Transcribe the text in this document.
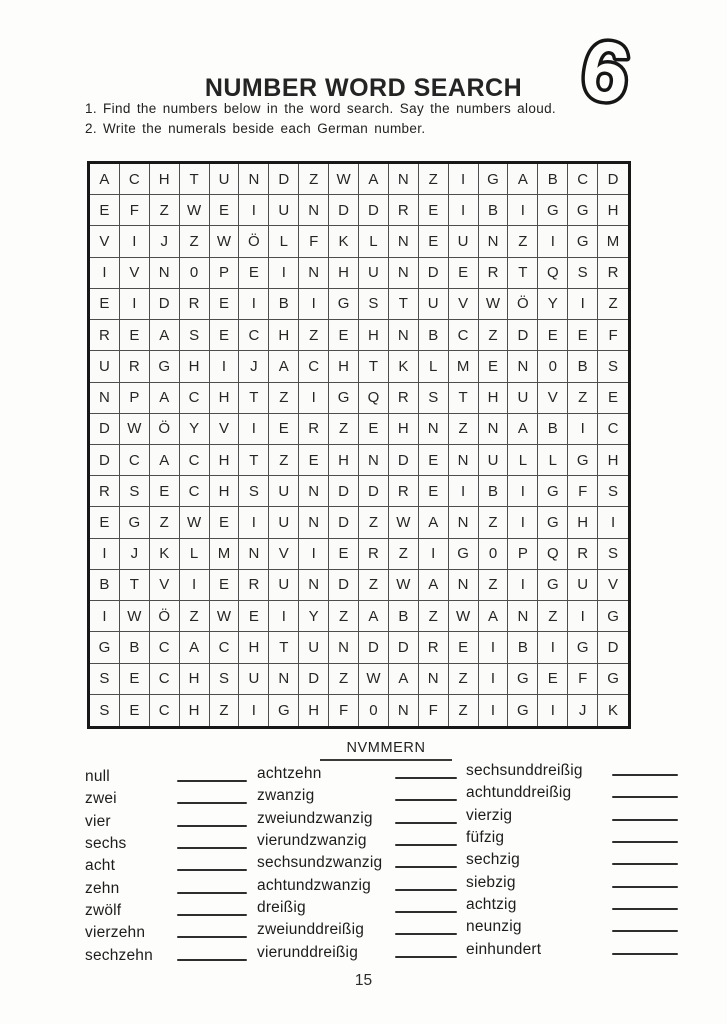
NUMBER WORD SEARCH 6
1. Find the numbers below in the word search. Say the numbers aloud.
2. Write the numerals beside each German number.
A	C	H	T	U	N	D	Z	W	A	N	Z	I	G	A	B	C	D
E	F	Z	W	E	I	U	N	D	D	R	E	I	B	I	G	G	H
V	I	J	Z	W	Ö	L	F	K	L	N	E	U	N	Z	I	G	M
I	V	N	0	P	E	I	N	H	U	N	D	E	R	T	Q	S	R
E	I	D	R	E	I	B	I	G	S	T	U	V	W	Ö	Y	I	Z
R	E	A	S	E	C	H	Z	E	H	N	B	C	Z	D	E	E	F
U	R	G	H	I	J	A	C	H	T	K	L	M	E	N	0	B	S
N	P	A	C	H	T	Z	I	G	Q	R	S	T	H	U	V	Z	E
D	W	Ö	Y	V	I	E	R	Z	E	H	N	Z	N	A	B	I	C
D	C	A	C	H	T	Z	E	H	N	D	E	N	U	L	L	G	H
R	S	E	C	H	S	U	N	D	D	R	E	I	B	I	G	F	S
E	G	Z	W	E	I	U	N	D	Z	W	A	N	Z	I	G	H	I
I	J	K	L	M	N	V	I	E	R	Z	I	G	0	P	Q	R	S
B	T	V	I	E	R	U	N	D	Z	W	A	N	Z	I	G	U	V
I	W	Ö	Z	W	E	I	Y	Z	A	B	Z	W	A	N	Z	I	G
G	B	C	A	C	H	T	U	N	D	D	R	E	I	B	I	G	D
S	E	C	H	S	U	N	D	Z	W	A	N	Z	I	G	E	F	G
S	E	C	H	Z	I	G	H	F	0	N	F	Z	I	G	I	J	K
NVMMERN
null
zwei
vier
sechs
acht
zehn
zwölf
vierzehn
sechzehn
achtzehn
zwanzig
zweiundzwanzig
vierundzwanzig
sechsundzwanzig
achtundzwanzig
dreißig
zweiunddreißig
vierunddreißig
sechsunddreißig
achtunddreißig
vierzig
füfzig
sechzig
siebzig
achtzig
neunzig
einhundert
15
